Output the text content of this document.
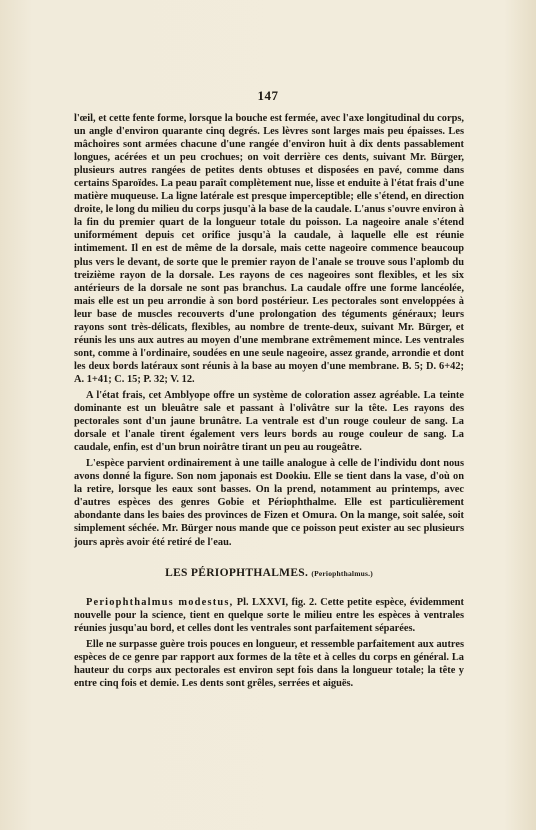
147

l'œil, et cette fente forme, lorsque la bouche est fermée, avec l'axe longitudinal du corps, un angle d'environ quarante cinq degrés. Les lèvres sont larges mais peu épaisses. Les mâchoires sont armées chacune d'une rangée d'environ huit à dix dents passablement longues, acérées et un peu crochues; on voit derrière ces dents, suivant Mr. Bürger, plusieurs autres rangées de petites dents obtuses et disposées en pavé, comme dans certains Sparoïdes. La peau paraît complètement nue, lisse et enduite à l'état frais d'une matière muqueuse. La ligne latérale est presque imperceptible; elle s'étend, en direction droite, le long du milieu du corps jusqu'à la base de la caudale. L'anus s'ouvre environ à la fin du premier quart de la longueur totale du poisson. La nageoire anale s'étend uniformément depuis cet orifice jusqu'à la caudale, à laquelle elle est réunie intimement. Il en est de même de la dorsale, mais cette nageoire commence beaucoup plus vers le devant, de sorte que le premier rayon de l'anale se trouve sous l'aplomb du treizième rayon de la dorsale. Les rayons de ces nageoires sont flexibles, et les six antérieurs de la dorsale ne sont pas branchus. La caudale offre une forme lancéolée, mais elle est un peu arrondie à son bord postérieur. Les pectorales sont enveloppées à leur base de muscles recouverts d'une prolongation des téguments généraux; leurs rayons sont très-délicats, flexibles, au nombre de trente-deux, suivant Mr. Bürger, et réunis les uns aux autres au moyen d'une membrane extrêmement mince. Les ventrales sont, comme à l'ordinaire, soudées en une seule nageoire, assez grande, arrondie et dont les deux bords latéraux sont réunis à la base au moyen d'une membrane. B. 5; D. 6+42; A. 1+41; C. 15; P. 32; V. 12.

A l'état frais, cet Amblyope offre un système de coloration assez agréable. La teinte dominante est un bleuâtre sale et passant à l'olivâtre sur la tête. Les rayons des pectorales sont d'un jaune brunâtre. La ventrale est d'un rouge couleur de sang. La dorsale et l'anale tirent également vers leurs bords au rouge couleur de sang. La caudale, enfin, est d'un brun noirâtre tirant un peu au rougeâtre.

L'espèce parvient ordinairement à une taille analogue à celle de l'individu dont nous avons donné la figure. Son nom japonais est Dookiu. Elle se tient dans la vase, d'où on la retire, lorsque les eaux sont basses. On la prend, notamment au printemps, avec d'autres espèces des genres Gobie et Périophthalme. Elle est particulièrement abondante dans les baies des provinces de Fizen et Omura. On la mange, soit salée, soit simplement séchée. Mr. Bürger nous mande que ce poisson peut exister au sec plusieurs jours après avoir été retiré de l'eau.

LES PÉRIOPHTHALMES. (Periophthalmus.)

Periophthalmus modestus, Pl. LXXVI, fig. 2. Cette petite espèce, évidemment nouvelle pour la science, tient en quelque sorte le milieu entre les espèces à ventrales réunies jusqu'au bord, et celles dont les ventrales sont parfaitement séparées.

Elle ne surpasse guère trois pouces en longueur, et ressemble parfaitement aux autres espèces de ce genre par rapport aux formes de la tête et à celles du corps en général. La hauteur du corps aux pectorales est environ sept fois dans la longueur totale; la tête y entre cinq fois et demie. Les dents sont grêles, serrées et aiguës.
